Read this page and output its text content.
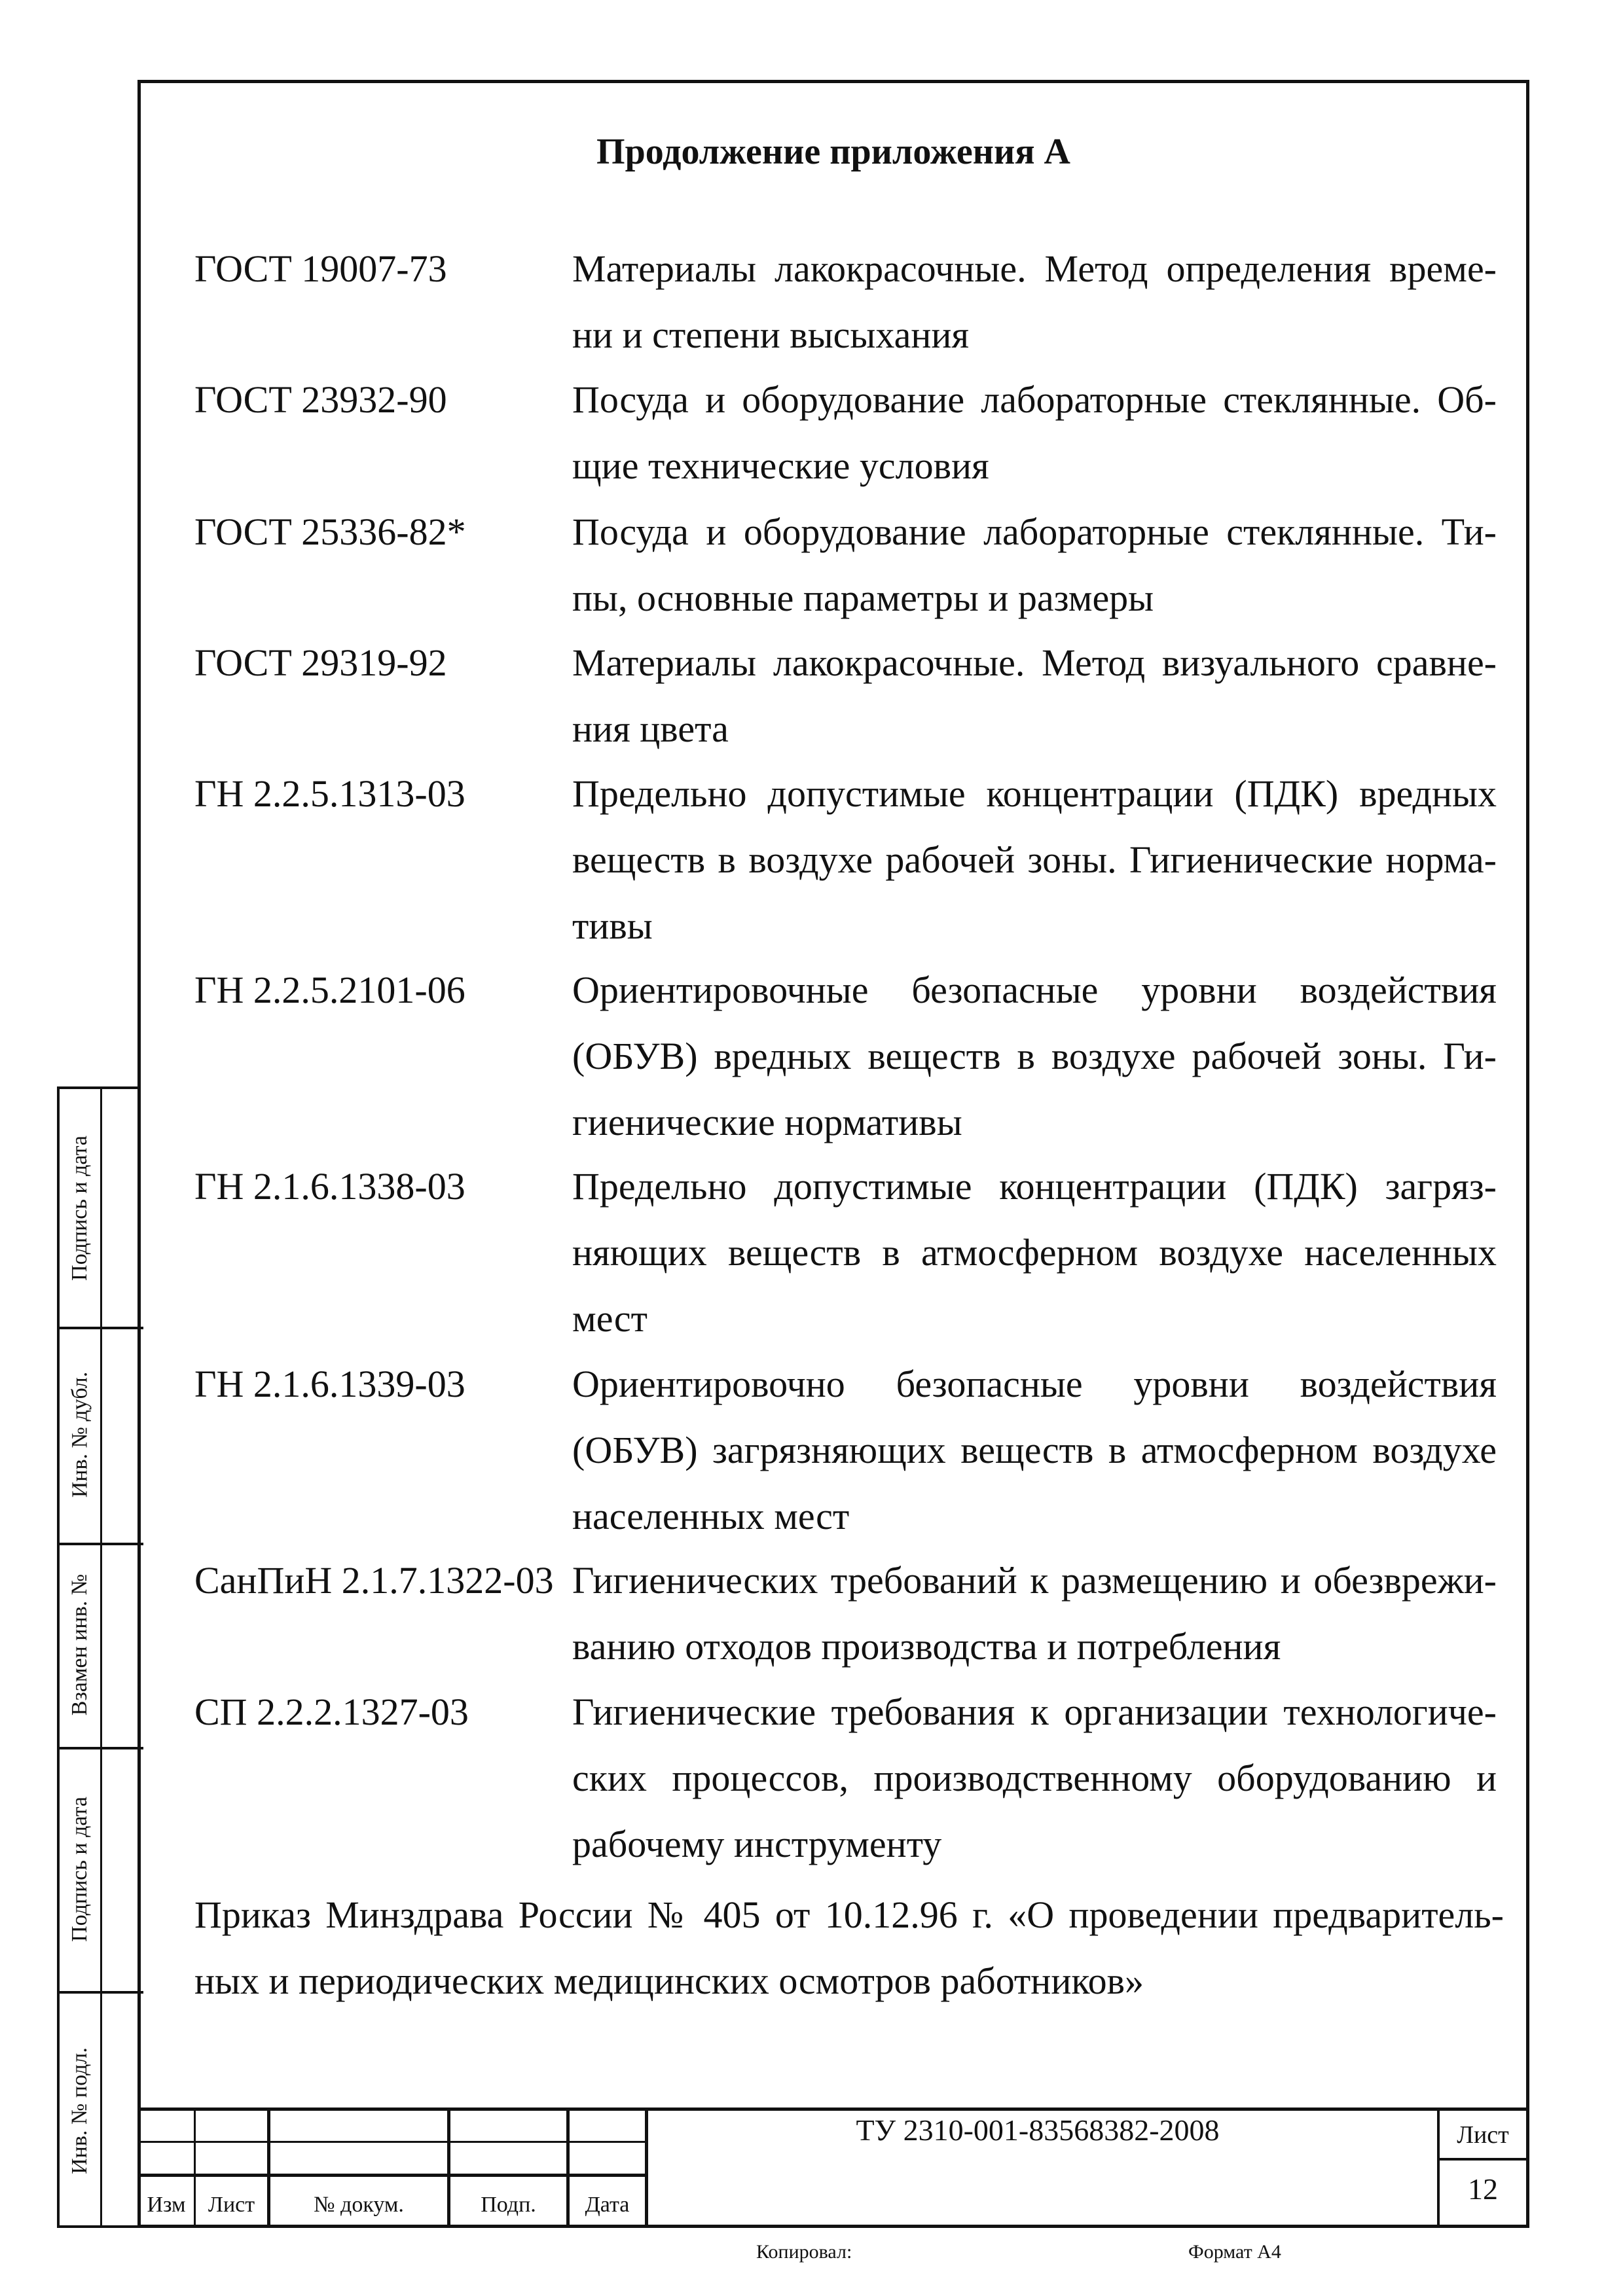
Продолжение приложения А
ГОСТ 19007-73	Материалы лакокрасочные. Метод определения време-
ни и степени высыхания
ГОСТ 23932-90	Посуда и оборудование лабораторные стеклянные. Об-
щие технические условия
ГОСТ 25336-82*	Посуда и оборудование лабораторные стеклянные. Ти-
пы, основные параметры и размеры
ГОСТ 29319-92	Материалы лакокрасочные. Метод визуального сравне-
ния цвета
ГН 2.2.5.1313-03	Предельно допустимые концентрации (ПДК) вредных
веществ в воздухе рабочей зоны. Гигиенические норма-
тивы
ГН 2.2.5.2101-06	Ориентировочные безопасные уровни воздействия
(ОБУВ) вредных веществ в воздухе рабочей зоны. Ги-
гиенические нормативы
ГН 2.1.6.1338-03	Предельно допустимые концентрации (ПДК) загряз-
няющих веществ в атмосферном воздухе населенных
мест
ГН 2.1.6.1339-03	Ориентировочно безопасные уровни воздействия
(ОБУВ) загрязняющих веществ в атмосферном воздухе
населенных мест
СанПиН 2.1.7.1322-03 Гигиенических требований к размещению и обезврежи-
ванию отходов производства и потребления
СП 2.2.2.1327-03	Гигиенические требования к организации технологиче-
ских процессов, производственному оборудованию и
рабочему инструменту
Приказ Минздрава России № 405 от 10.12.96 г. «О проведении предваритель-
ных и периодических медицинских осмотров работников»
Подпись и дата
Инв. № дубл.
Взамен инв. №
Подпись и дата
Инв. № подл.
Изм	Лист	№ докум.	Подп.	Дата
ТУ 2310-001-83568382-2008	Лист
12
Копировал:	Формат А4
